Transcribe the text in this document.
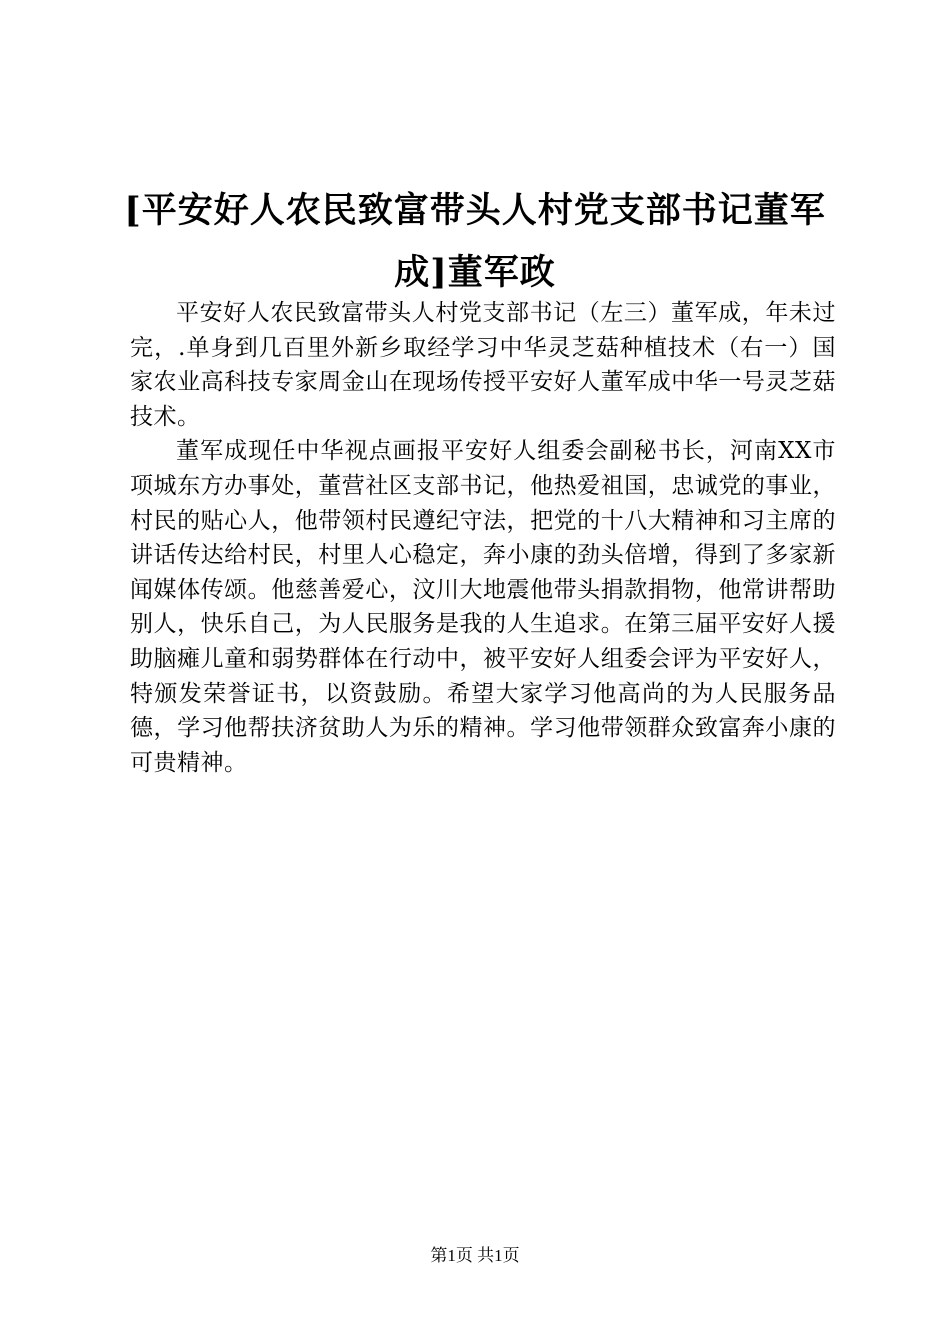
[平安好人农民致富带头人村党支部书记董军成]董军政

平安好人农民致富带头人村党支部书记（左三）董军成，年未过完，.单身到几百里外新乡取经学习中华灵芝菇种植技术（右一）国家农业高科技专家周金山在现场传授平安好人董军成中华一号灵芝菇技术。

董军成现任中华视点画报平安好人组委会副秘书长，河南XX市项城东方办事处，董营社区支部书记，他热爱祖国，忠诚党的事业，村民的贴心人，他带领村民遵纪守法，把党的十八大精神和习主席的讲话传达给村民，村里人心稳定，奔小康的劲头倍增，得到了多家新闻媒体传颂。他慈善爱心，汶川大地震他带头捐款捐物，他常讲帮助别人，快乐自己，为人民服务是我的人生追求。在第三届平安好人援助脑瘫儿童和弱势群体在行动中，被平安好人组委会评为平安好人，特颁发荣誉证书，以资鼓励。希望大家学习他高尚的为人民服务品德，学习他帮扶济贫助人为乐的精神。学习他带领群众致富奔小康的可贵精神。

第1页 共1页
